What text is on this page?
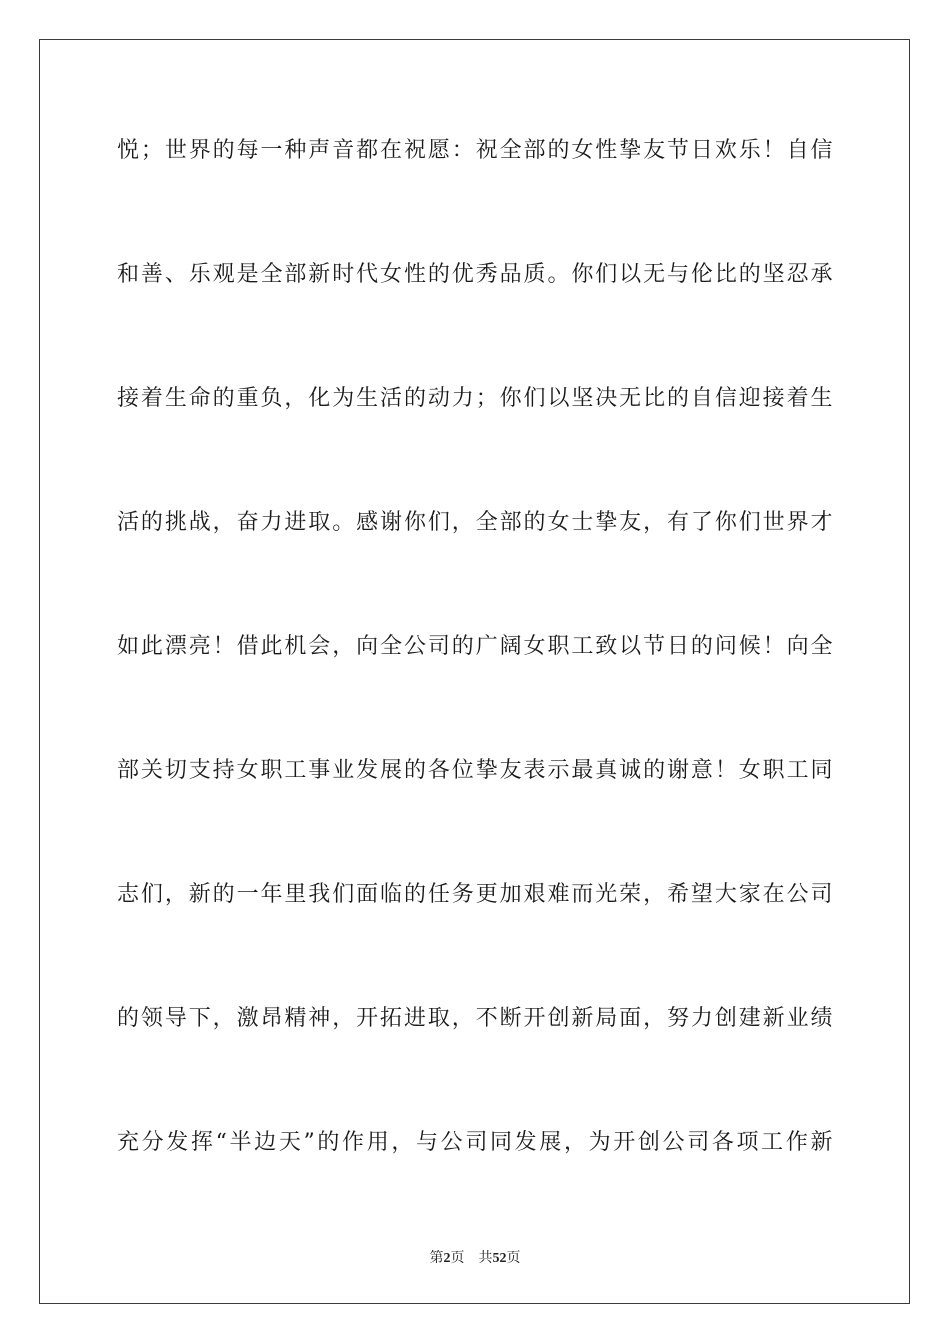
悦；世界的每一种声音都在祝愿：祝全部的女性挚友节日欢乐！自信
和善、乐观是全部新时代女性的优秀品质。你们以无与伦比的坚忍承
接着生命的重负，化为生活的动力；你们以坚决无比的自信迎接着生
活的挑战，奋力进取。感谢你们，全部的女士挚友，有了你们世界才
如此漂亮！借此机会，向全公司的广阔女职工致以节日的问候！向全
部关切支持女职工事业发展的各位挚友表示最真诚的谢意！女职工同
志们，新的一年里我们面临的任务更加艰难而光荣，希望大家在公司
的领导下，激昂精神，开拓进取，不断开创新局面，努力创建新业绩
充分发挥“半边天”的作用，与公司同发展，为开创公司各项工作新
第2页 共52页
